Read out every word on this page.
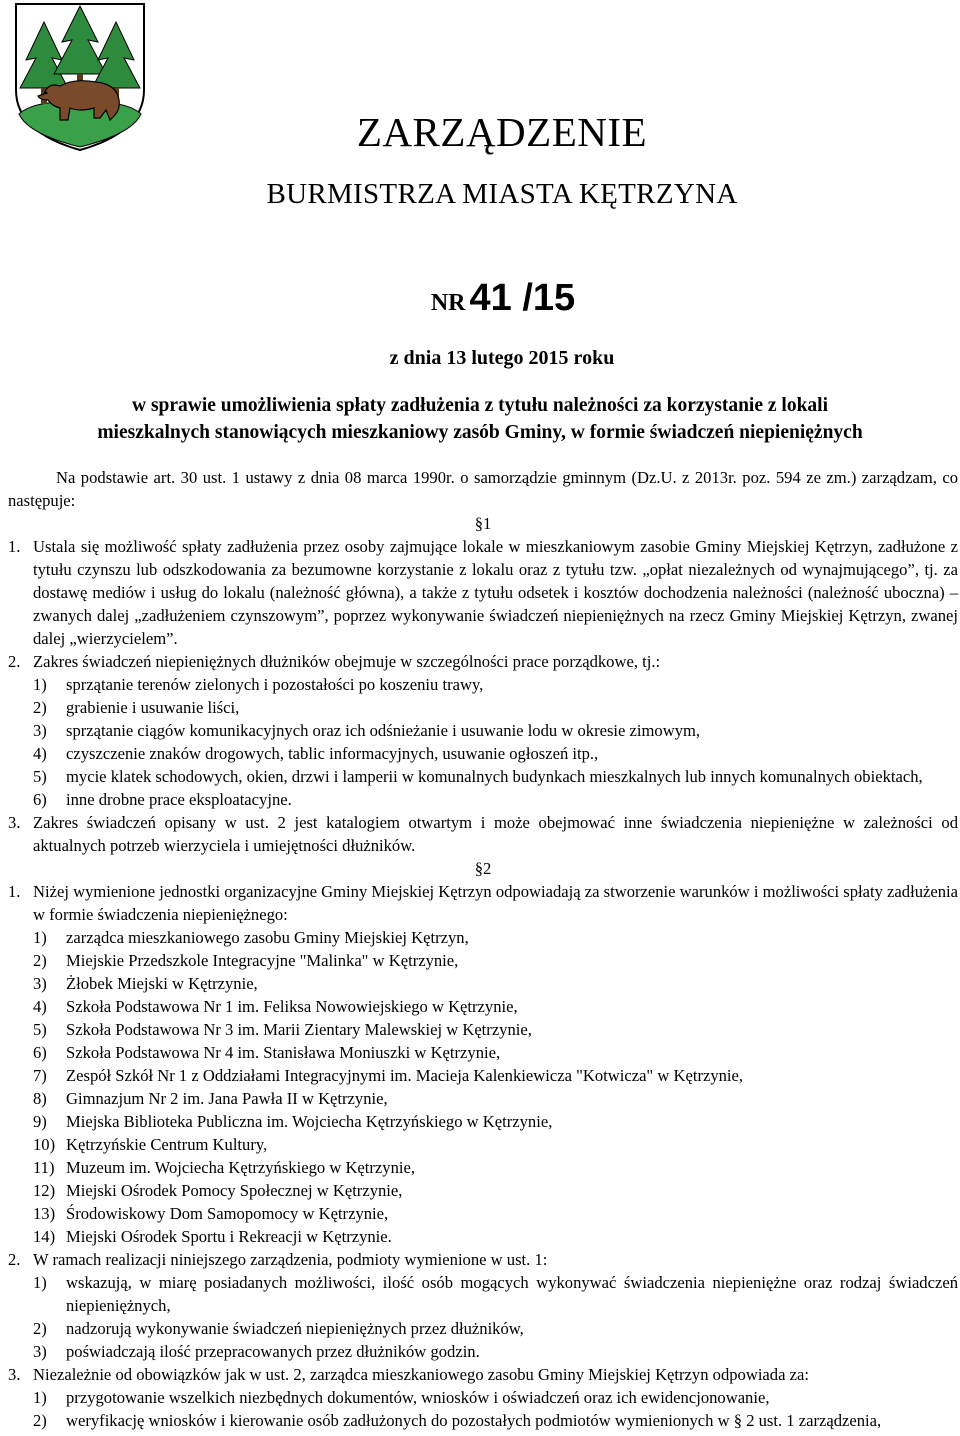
ZARZĄDZENIE
BURMISTRZA MIASTA KĘTRZYNA
NR 41 /15
z dnia 13 lutego 2015 roku
w sprawie umożliwienia spłaty zadłużenia z tytułu należności za korzystanie z lokali
mieszkalnych stanowiących mieszkaniowy zasób Gminy, w formie świadczeń niepieniężnych

Na podstawie art. 30 ust. 1 ustawy z dnia 08 marca 1990r. o samorządzie gminnym (Dz.U. z 2013r. poz. 594 ze zm.) zarządzam, co następuje:

§1

1. Ustala się możliwość spłaty zadłużenia przez osoby zajmujące lokale w mieszkaniowym zasobie Gminy Miejskiej Kętrzyn, zadłużone z tytułu czynszu lub odszkodowania za bezumowne korzystanie z lokalu oraz z tytułu tzw. „opłat niezależnych od wynajmującego”, tj. za dostawę mediów i usług do lokalu (należność główna), a także z tytułu odsetek i kosztów dochodzenia należności (należność uboczna) – zwanych dalej „zadłużeniem czynszowym”, poprzez wykonywanie świadczeń niepieniężnych na rzecz Gminy Miejskiej Kętrzyn, zwanej dalej „wierzycielem”.
2. Zakres świadczeń niepieniężnych dłużników obejmuje w szczególności prace porządkowe, tj.:
1) sprzątanie terenów zielonych i pozostałości po koszeniu trawy,
2) grabienie i usuwanie liści,
3) sprzątanie ciągów komunikacyjnych oraz ich odśnieżanie i usuwanie lodu w okresie zimowym,
4) czyszczenie znaków drogowych, tablic informacyjnych, usuwanie ogłoszeń itp.,
5) mycie klatek schodowych, okien, drzwi i lamperii w komunalnych budynkach mieszkalnych lub innych komunalnych obiektach,
6) inne drobne prace eksploatacyjne.
3. Zakres świadczeń opisany w ust. 2 jest katalogiem otwartym i może obejmować inne świadczenia niepieniężne w zależności od aktualnych potrzeb wierzyciela i umiejętności dłużników.

§2

1. Niżej wymienione jednostki organizacyjne Gminy Miejskiej Kętrzyn odpowiadają za stworzenie warunków i możliwości spłaty zadłużenia w formie świadczenia niepieniężnego:
1) zarządca mieszkaniowego zasobu Gminy Miejskiej Kętrzyn,
2) Miejskie Przedszkole Integracyjne "Malinka" w Kętrzynie,
3) Żłobek Miejski w Kętrzynie,
4) Szkoła Podstawowa Nr 1 im. Feliksa Nowowiejskiego w Kętrzynie,
5) Szkoła Podstawowa Nr 3 im. Marii Zientary Malewskiej w Kętrzynie,
6) Szkoła Podstawowa Nr 4 im. Stanisława Moniuszki w Kętrzynie,
7) Zespół Szkół Nr 1 z Oddziałami Integracyjnymi im. Macieja Kalenkiewicza "Kotwicza" w Kętrzynie,
8) Gimnazjum Nr 2 im. Jana Pawła II w Kętrzynie,
9) Miejska Biblioteka Publiczna im. Wojciecha Kętrzyńskiego w Kętrzynie,
10) Kętrzyńskie Centrum Kultury,
11) Muzeum im. Wojciecha Kętrzyńskiego w Kętrzynie,
12) Miejski Ośrodek Pomocy Społecznej w Kętrzynie,
13) Środowiskowy Dom Samopomocy w Kętrzynie,
14) Miejski Ośrodek Sportu i Rekreacji w Kętrzynie.
2. W ramach realizacji niniejszego zarządzenia, podmioty wymienione w ust. 1:
1) wskazują, w miarę posiadanych możliwości, ilość osób mogących wykonywać świadczenia niepieniężne oraz rodzaj świadczeń niepieniężnych,
2) nadzorują wykonywanie świadczeń niepieniężnych przez dłużników,
3) poświadczają ilość przepracowanych przez dłużników godzin.
3. Niezależnie od obowiązków jak w ust. 2, zarządca mieszkaniowego zasobu Gminy Miejskiej Kętrzyn odpowiada za:
1) przygotowanie wszelkich niezbędnych dokumentów, wniosków i oświadczeń oraz ich ewidencjonowanie,
2) weryfikację wniosków i kierowanie osób zadłużonych do pozostałych podmiotów wymienionych w § 2 ust. 1 zarządzenia,
